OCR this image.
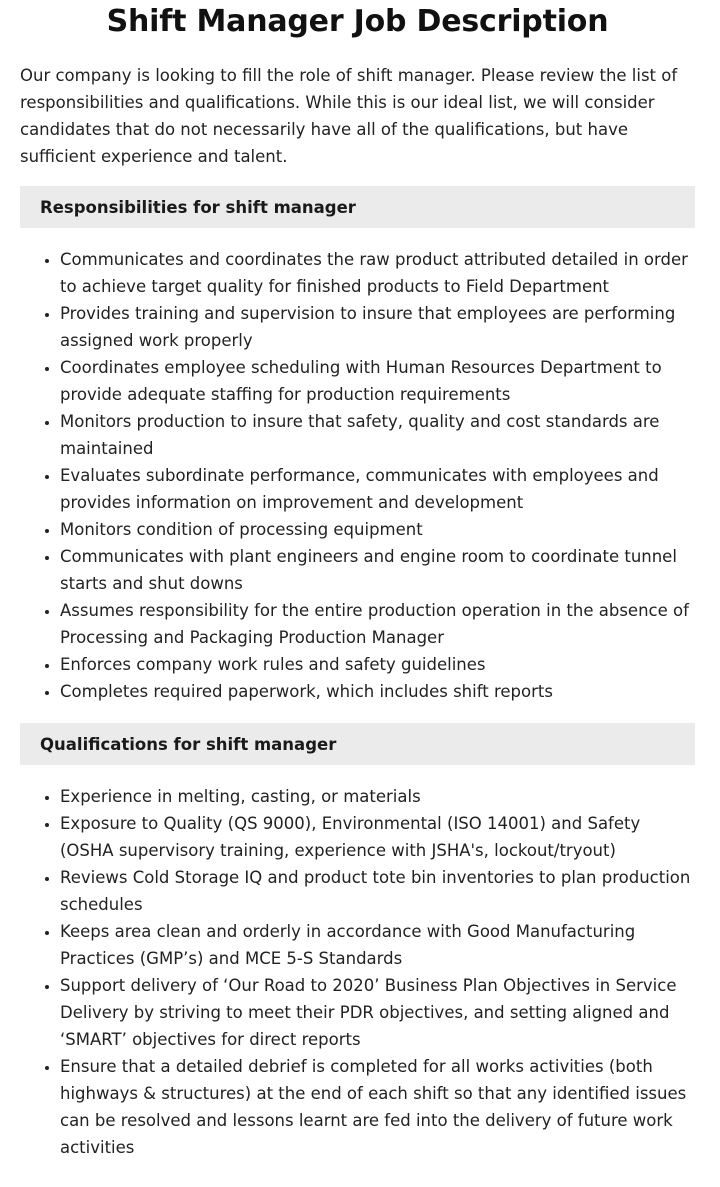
Shift Manager Job Description

Our company is looking to fill the role of shift manager. Please review the list of responsibilities and qualifications. While this is our ideal list, we will consider candidates that do not necessarily have all of the qualifications, but have sufficient experience and talent.

Responsibilities for shift manager
• Communicates and coordinates the raw product attributed detailed in order to achieve target quality for finished products to Field Department
• Provides training and supervision to insure that employees are performing assigned work properly
• Coordinates employee scheduling with Human Resources Department to provide adequate staffing for production requirements
• Monitors production to insure that safety, quality and cost standards are maintained
• Evaluates subordinate performance, communicates with employees and provides information on improvement and development
• Monitors condition of processing equipment
• Communicates with plant engineers and engine room to coordinate tunnel starts and shut downs
• Assumes responsibility for the entire production operation in the absence of Processing and Packaging Production Manager
• Enforces company work rules and safety guidelines
• Completes required paperwork, which includes shift reports
Qualifications for shift manager
• Experience in melting, casting, or materials
• Exposure to Quality (QS 9000), Environmental (ISO 14001) and Safety (OSHA supervisory training, experience with JSHA's, lockout/tryout)
• Reviews Cold Storage IQ and product tote bin inventories to plan production schedules
• Keeps area clean and orderly in accordance with Good Manufacturing Practices (GMP’s) and MCE 5-S Standards
• Support delivery of ‘Our Road to 2020’ Business Plan Objectives in Service Delivery by striving to meet their PDR objectives, and setting aligned and ‘SMART’ objectives for direct reports
• Ensure that a detailed debrief is completed for all works activities (both highways & structures) at the end of each shift so that any identified issues can be resolved and lessons learnt are fed into the delivery of future work activities
